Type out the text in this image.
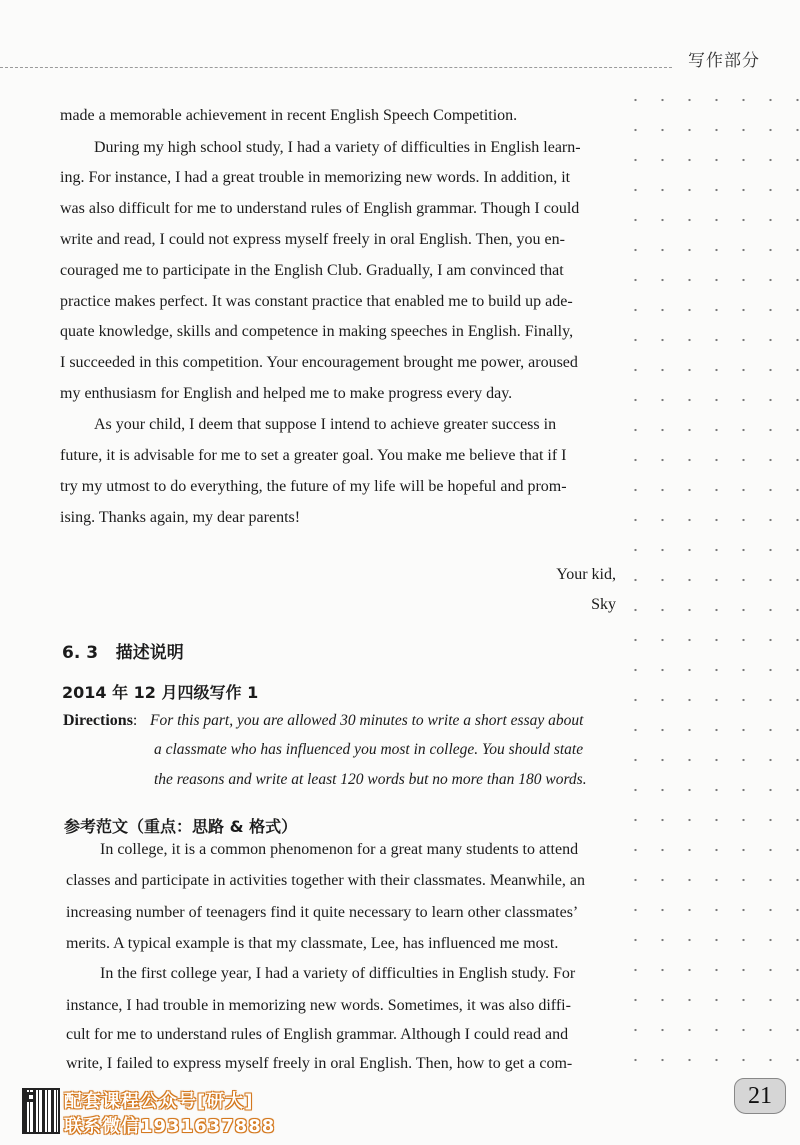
写作部分
made a memorable achievement in recent English Speech Competition.
During my high school study, I had a variety of difficulties in English learn-
ing. For instance, I had a great trouble in memorizing new words. In addition, it
was also difficult for me to understand rules of English grammar. Though I could
write and read, I could not express myself freely in oral English. Then, you en-
couraged me to participate in the English Club. Gradually, I am convinced that
practice makes perfect. It was constant practice that enabled me to build up ade-
quate knowledge, skills and competence in making speeches in English. Finally,
I succeeded in this competition. Your encouragement brought me power, aroused
my enthusiasm for English and helped me to make progress every day.
As your child, I deem that suppose I intend to achieve greater success in
future, it is advisable for me to set a greater goal. You make me believe that if I
try my utmost to do everything, the future of my life will be hopeful and prom-
ising. Thanks again, my dear parents!
Your kid,
Sky
6. 3   描述说明
2014 年 12 月四级写作 1
Directions: For this part, you are allowed 30 minutes to write a short essay about
a classmate who has influenced you most in college. You should state
the reasons and write at least 120 words but no more than 180 words.
参考范文（重点：思路 & 格式）
In college, it is a common phenomenon for a great many students to attend
classes and participate in activities together with their classmates. Meanwhile, an
increasing number of teenagers find it quite necessary to learn other classmates’
merits. A typical example is that my classmate, Lee, has influenced me most.
In the first college year, I had a variety of difficulties in English study. For
instance, I had trouble in memorizing new words. Sometimes, it was also diffi-
cult for me to understand rules of English grammar. Although I could read and
write, I failed to express myself freely in oral English. Then, how to get a com-
配套课程公众号[研大]
联系微信1931637888
21
